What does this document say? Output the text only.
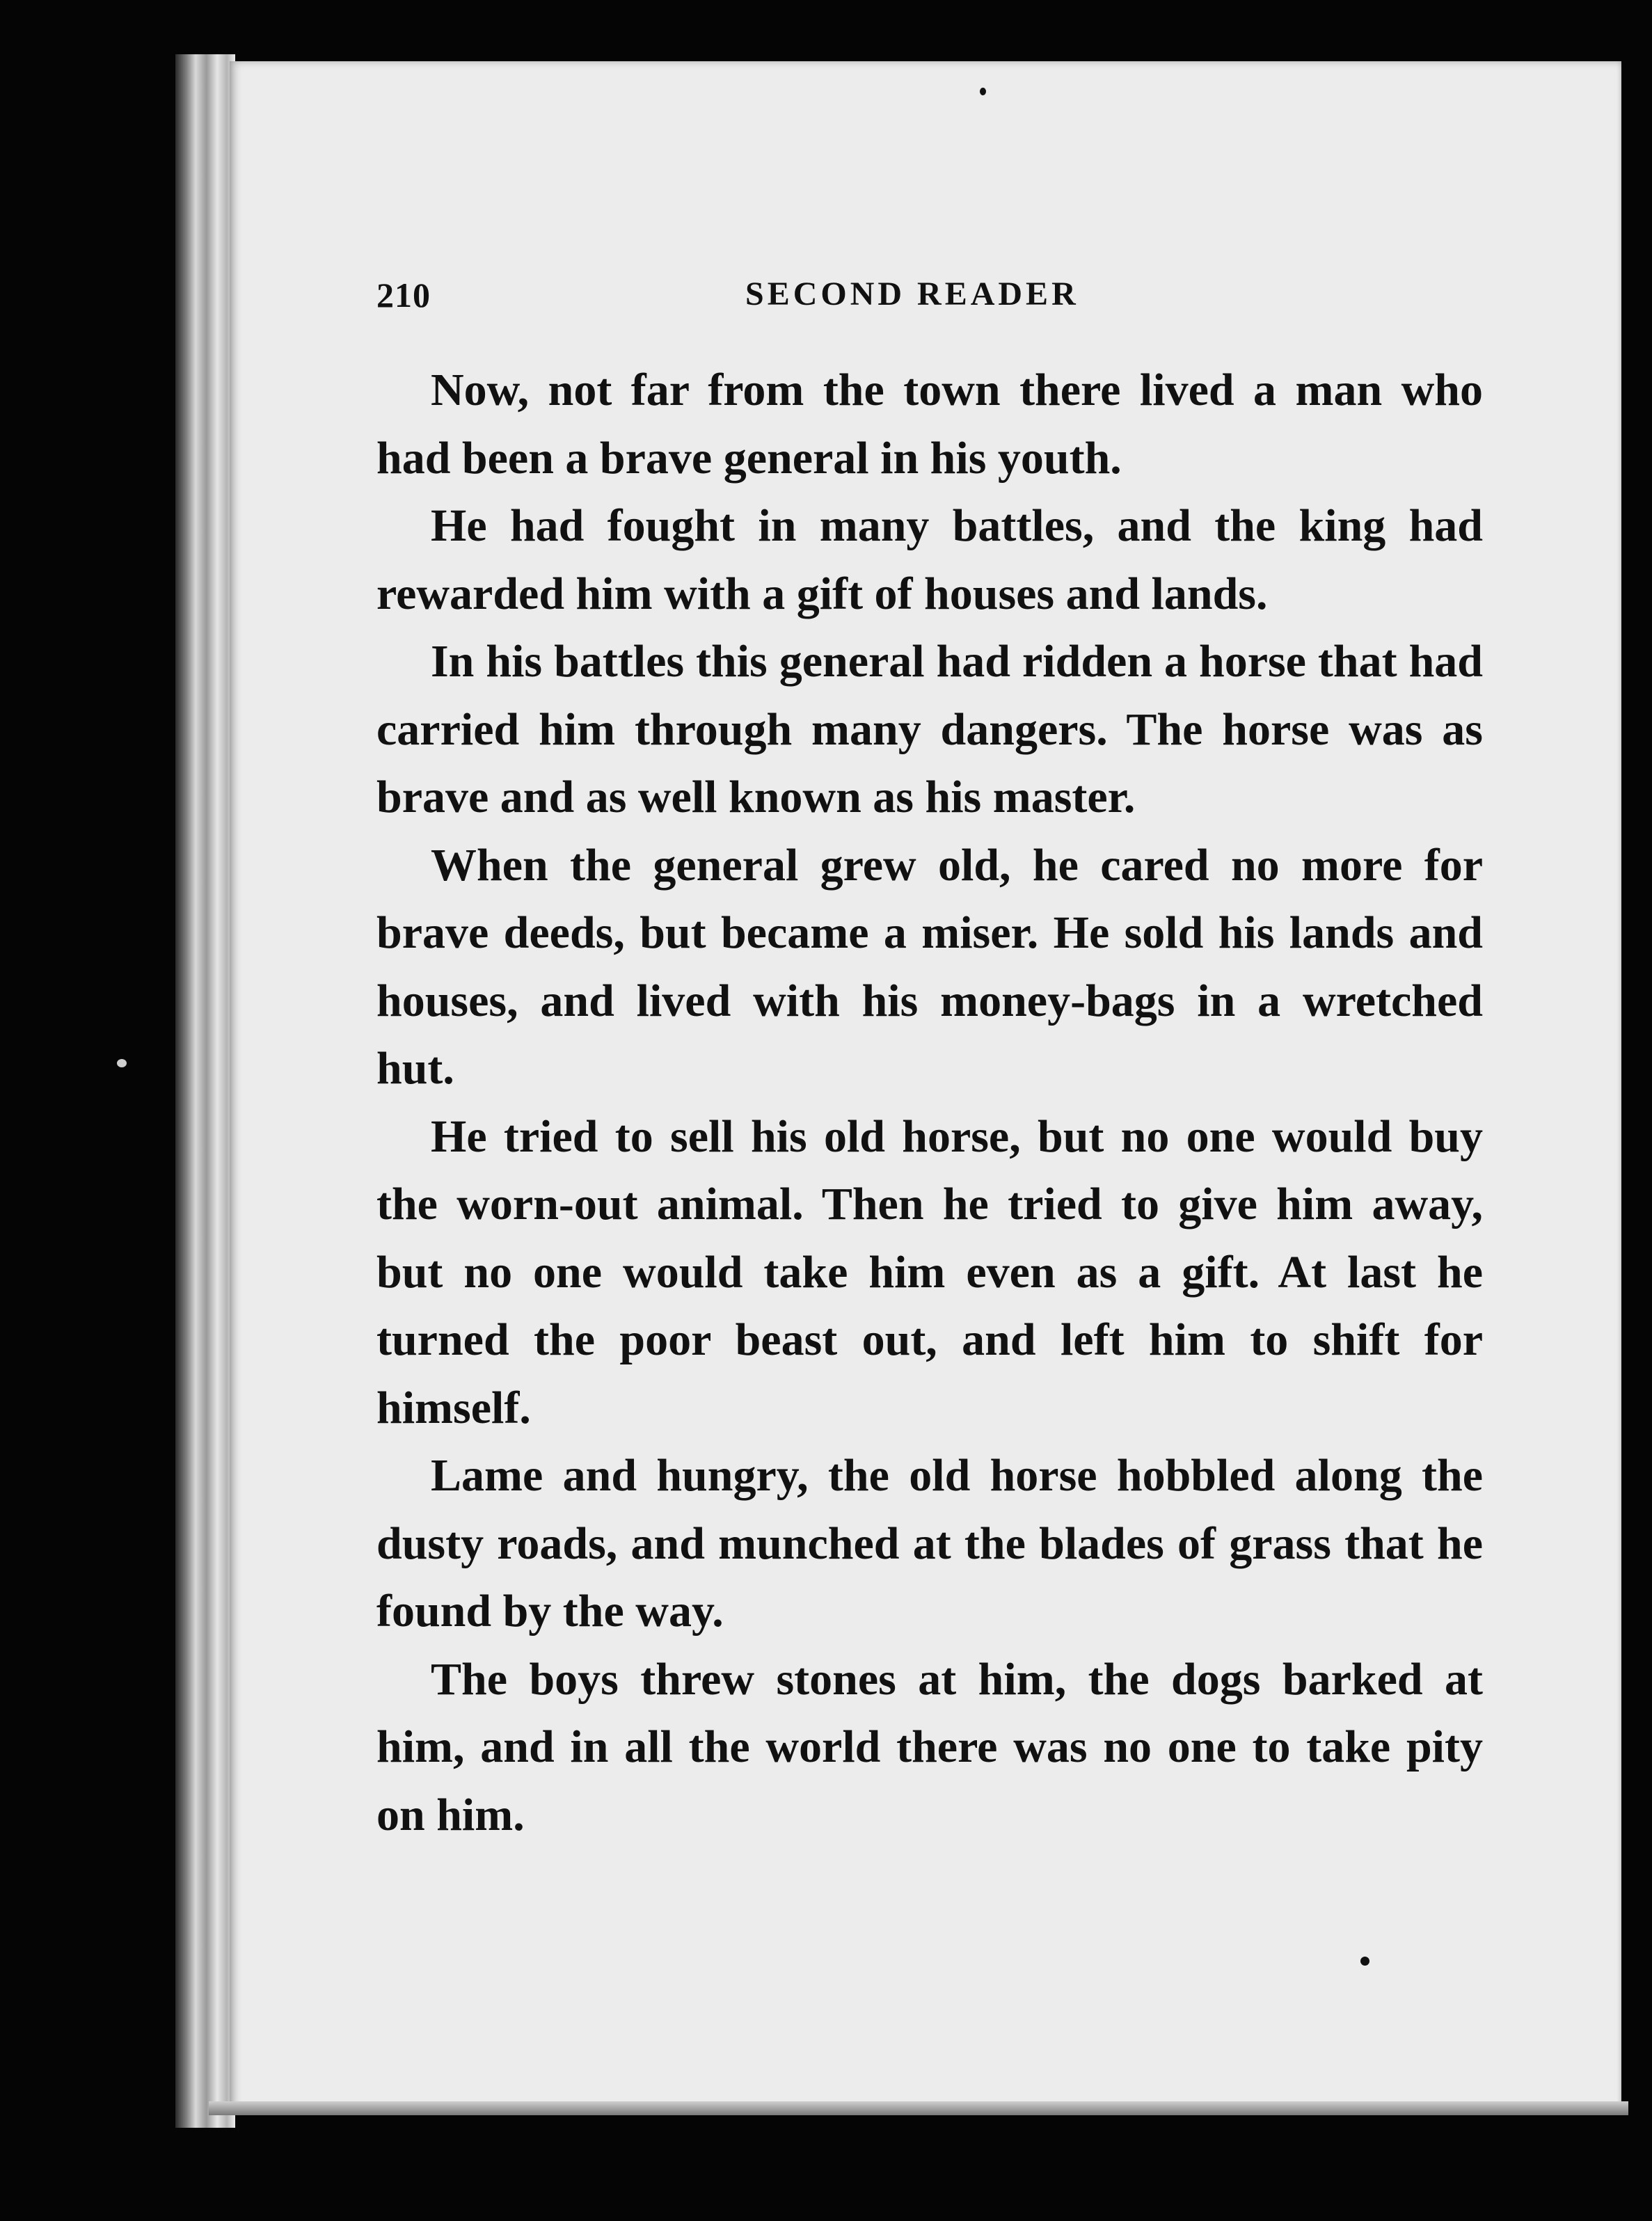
210	SECOND READER

Now, not far from the town there lived a man who had been a brave general in his youth.

He had fought in many battles, and the king had rewarded him with a gift of houses and lands.

In his battles this general had ridden a horse that had carried him through many dangers. The horse was as brave and as well known as his master.

When the general grew old, he cared no more for brave deeds, but became a miser. He sold his lands and houses, and lived with his money-bags in a wretched hut.

He tried to sell his old horse, but no one would buy the worn-out animal. Then he tried to give him away, but no one would take him even as a gift. At last he turned the poor beast out, and left him to shift for himself.

Lame and hungry, the old horse hobbled along the dusty roads, and munched at the blades of grass that he found by the way.

The boys threw stones at him, the dogs barked at him, and in all the world there was no one to take pity on him.
